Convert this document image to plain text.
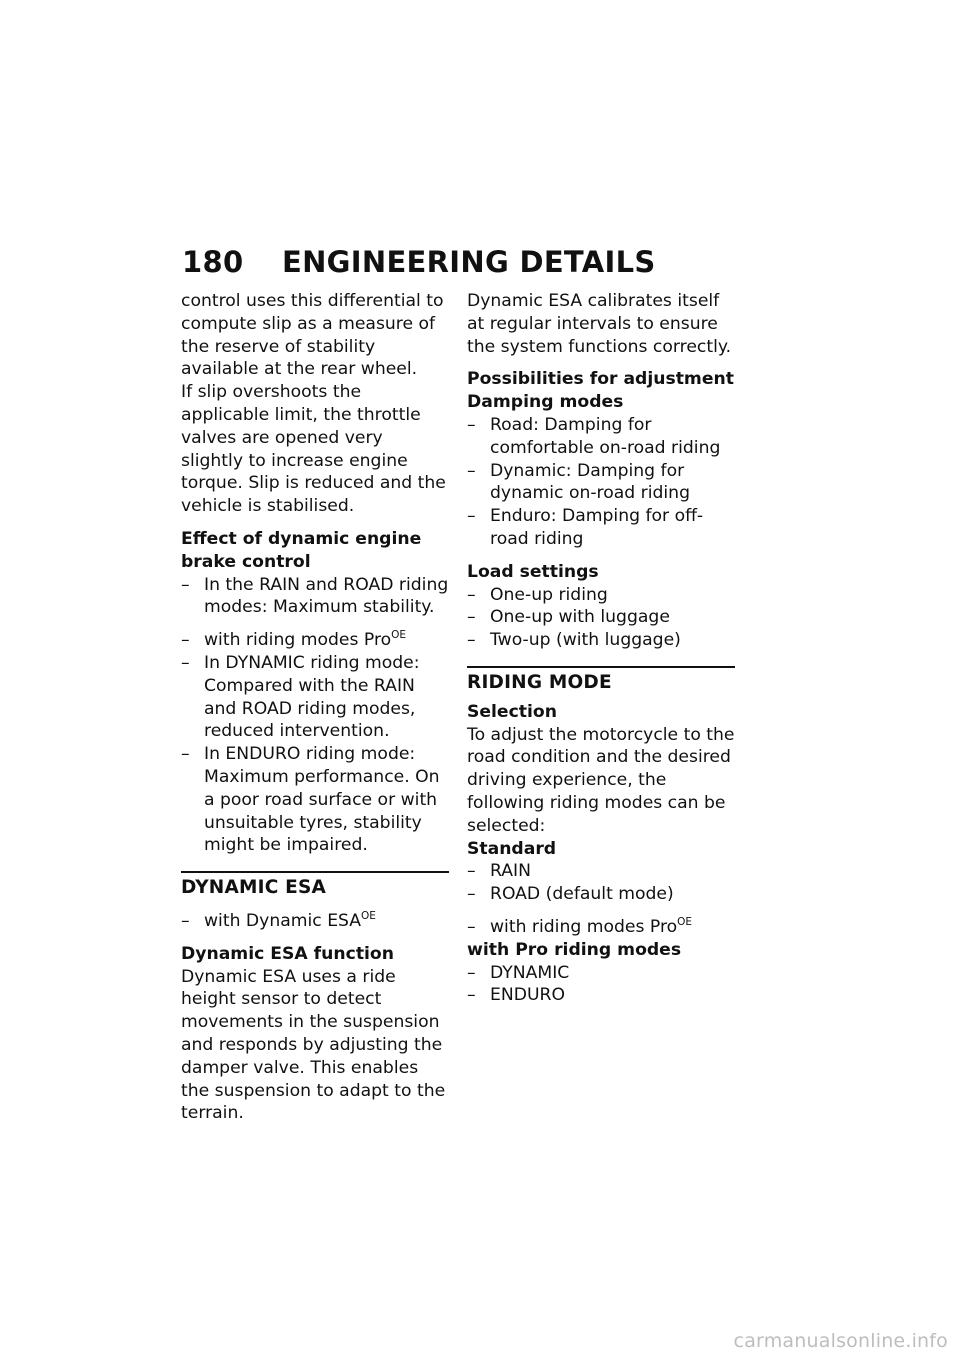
180	ENGINEERING DETAILS

control uses this differential to compute slip as a measure of the reserve of stability available at the rear wheel.

If slip overshoots the applicable limit, the throttle valves are opened very slightly to increase engine torque. Slip is reduced and the vehicle is stabilised.

Effect of dynamic engine brake control

– In the RAIN and ROAD riding modes: Maximum stability.

– with riding modes Pro$^{OE}$

– In DYNAMIC riding mode: Compared with the RAIN and ROAD riding modes, reduced intervention.
– In ENDURO riding mode: Maximum performance. On a poor road surface or with unsuitable tyres, stability might be impaired.

DYNAMIC ESA

– with Dynamic $ESA^{OE}$

Dynamic ESA function

Dynamic ESA uses a ride height sensor to detect movements in the suspension and responds by adjusting the damper valve. This enables the suspension to adapt to the terrain.

Dynamic ESA calibrates itself at regular intervals to ensure the system functions correctly.

Possibilities for adjustment

Damping modes

– Road: Damping for comfortable on-road riding
– Dynamic: Damping for dynamic on-road riding
– Enduro: Damping for off-road riding

Load settings

– One-up riding
– One-up with luggage
– Two-up (with luggage)

RIDING MODE

Selection

To adjust the motorcycle to the road condition and the desired driving experience, the following riding modes can be selected:

Standard

– RAIN
– ROAD (default mode)

– with riding modes Pro$^{OE}$

with Pro riding modes

– DYNAMIC
– ENDURO
carmanualsonline.info
